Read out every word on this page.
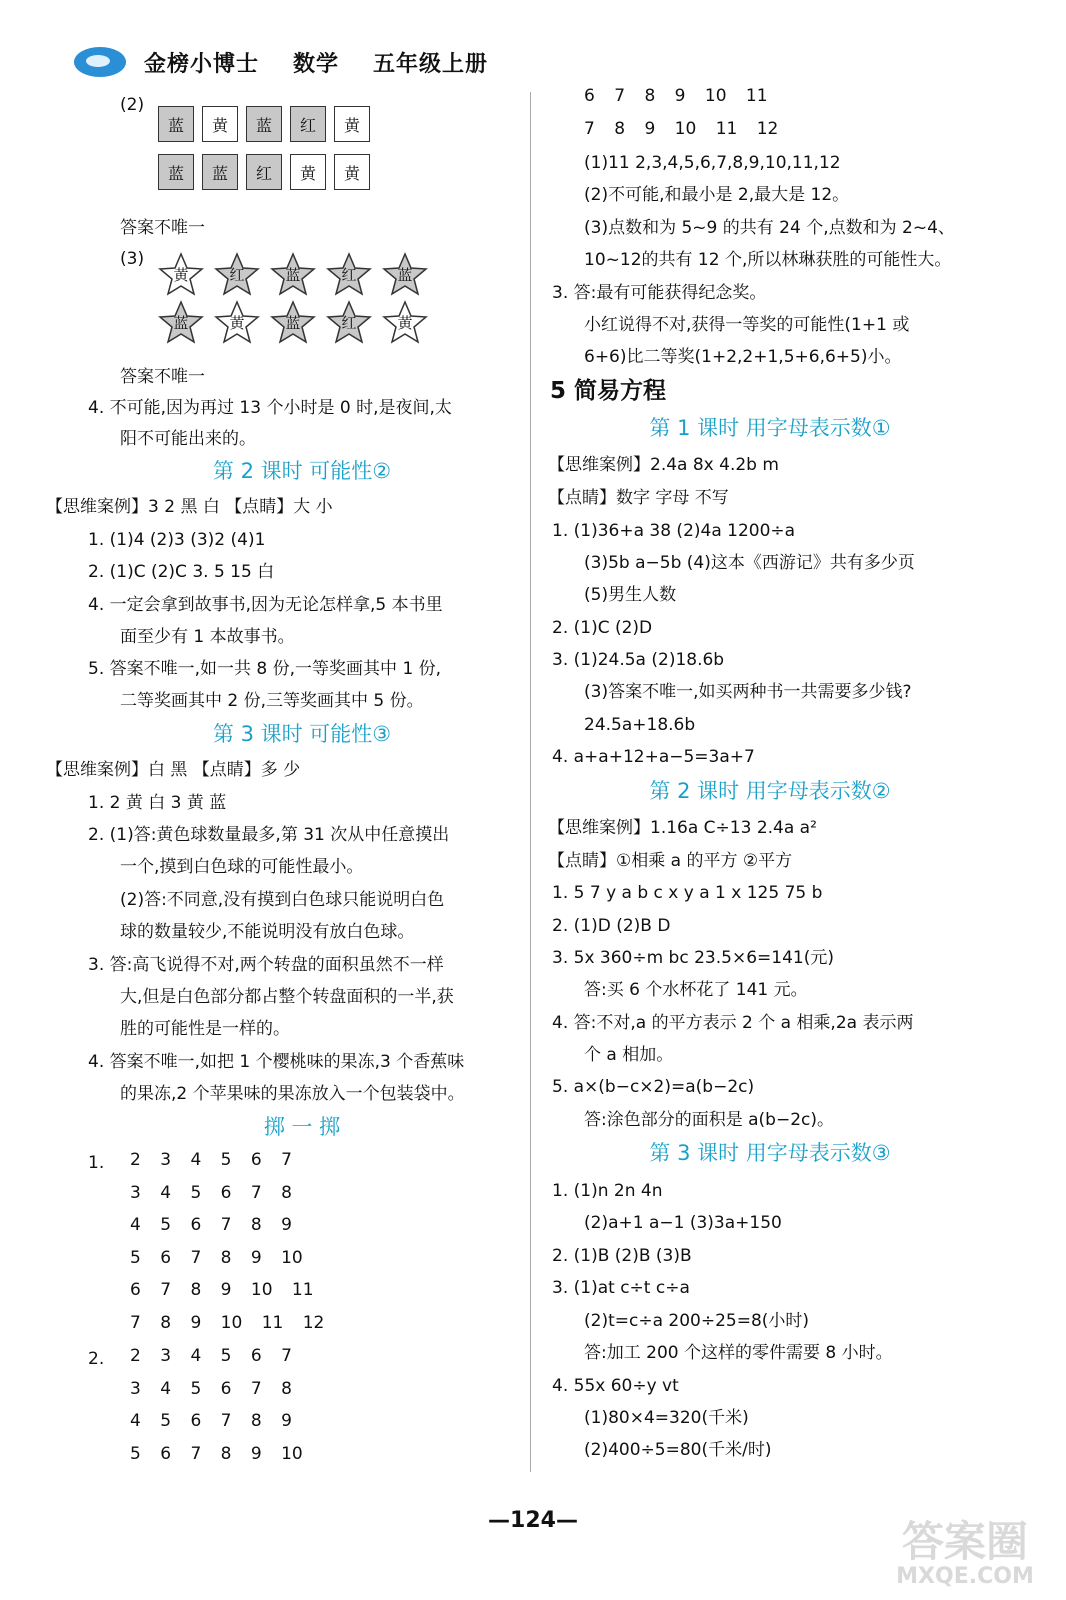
金榜小博士 数学 五年级上册
(2)
蓝	黄	蓝	红	黄
蓝	蓝	红	黄	黄
答案不唯一
(3)
黄	红	蓝	红	蓝
蓝	黄	蓝	红	黄
答案不唯一
4. 不可能,因为再过 13 个小时是 0 时,是夜间,太
阳不可能出来的。
第 2 课时 可能性②
【思维案例】3 2 黑 白 【点睛】大 小
1. (1)4 (2)3 (3)2 (4)1
2. (1)C (2)C 3. 5 15 白
4. 一定会拿到故事书,因为无论怎样拿,5 本书里
面至少有 1 本故事书。
5. 答案不唯一,如一共 8 份,一等奖画其中 1 份,
二等奖画其中 2 份,三等奖画其中 5 份。
第 3 课时 可能性③
【思维案例】白 黑 【点睛】多 少
1. 2 黄 白 3 黄 蓝
2. (1)答:黄色球数量最多,第 31 次从中任意摸出
一个,摸到白色球的可能性最小。
(2)答:不同意,没有摸到白色球只能说明白色
球的数量较少,不能说明没有放白色球。
3. 答:高飞说得不对,两个转盘的面积虽然不一样
大,但是白色部分都占整个转盘面积的一半,获
胜的可能性是一样的。
4. 答案不唯一,如把 1 个樱桃味的果冻,3 个香蕉味
的果冻,2 个苹果味的果冻放入一个包装袋中。
掷 一 掷
1. 2 3 4 5 6 7
3 4 5 6 7 8
4 5 6 7 8 9
5 6 7 8 9 10
6 7 8 9 10 11
7 8 9 10 11 12
2. 2 3 4 5 6 7
3 4 5 6 7 8
4 5 6 7 8 9
5 6 7 8 9 10
6 7 8 9 10 11
7 8 9 10 11 12
(1)11 2,3,4,5,6,7,8,9,10,11,12
(2)不可能,和最小是 2,最大是 12。
(3)点数和为 5~9 的共有 24 个,点数和为 2~4、
10~12的共有 12 个,所以林琳获胜的可能性大。
3. 答:最有可能获得纪念奖。
小红说得不对,获得一等奖的可能性(1+1 或
6+6)比二等奖(1+2,2+1,5+6,6+5)小。
5 简易方程
第 1 课时 用字母表示数①
【思维案例】2.4a 8x 4.2b m
【点睛】数字 字母 不写
1. (1)36+a 38 (2)4a 1200÷a
(3)5b a−5b (4)这本《西游记》共有多少页
(5)男生人数
2. (1)C (2)D
3. (1)24.5a (2)18.6b
(3)答案不唯一,如买两种书一共需要多少钱?
24.5a+18.6b
4. a+a+12+a−5=3a+7
第 2 课时 用字母表示数②
【思维案例】1.16a C÷13 2.4a a²
【点睛】①相乘 a 的平方 ②平方
1. 5 7 y a b c x y a 1 x 125 75 b
2. (1)D (2)B D
3. 5x 360÷m bc 23.5×6=141(元)
答:买 6 个水杯花了 141 元。
4. 答:不对,a 的平方表示 2 个 a 相乘,2a 表示两
个 a 相加。
5. a×(b−c×2)=a(b−2c)
答:涂色部分的面积是 a(b−2c)。
第 3 课时 用字母表示数③
1. (1)n 2n 4n
(2)a+1 a−1 (3)3a+150
2. (1)B (2)B (3)B
3. (1)at c÷t c÷a
(2)t=c÷a 200÷25=8(小时)
答:加工 200 个这样的零件需要 8 小时。
4. 55x 60÷y vt
(1)80×4=320(千米)
(2)400÷5=80(千米/时)
—124—	答案圈
MXQE.COM
